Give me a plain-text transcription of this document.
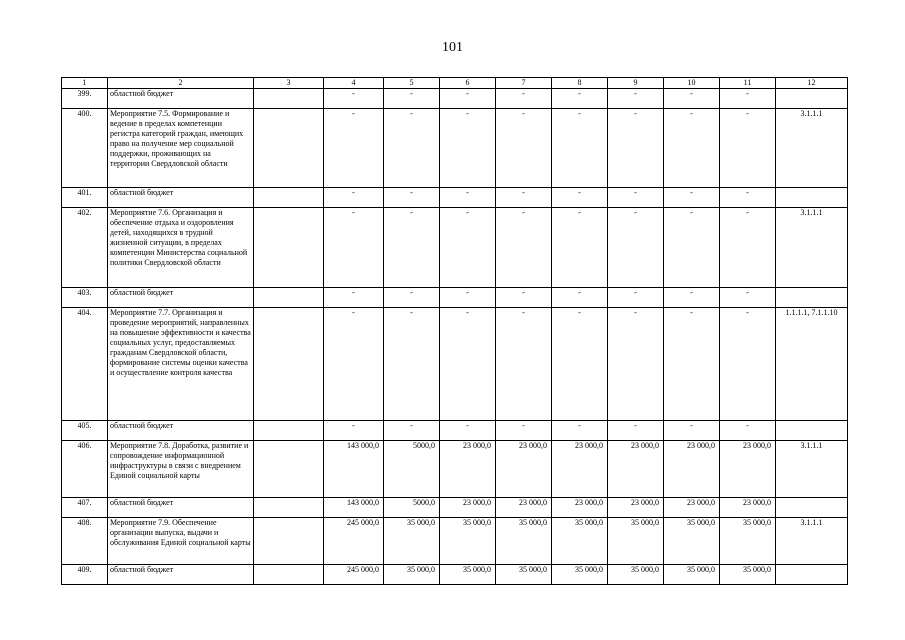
101
1	2	3	4	5	6	7	8	9	10	11	12
399.	областной бюджет		-	-	-	-	-	-	-	-	
400.	Мероприятие 7.5. Формирование и ведение в пределах компетенции регистра категорий граждан, имеющих право на получение мер социальной поддержки, проживающих на территории Свердловской области		-	-	-	-	-	-	-	-	3.1.1.1
401.	областной бюджет		-	-	-	-	-	-	-	-	
402.	Мероприятие 7.6. Организация и обеспечение отдыха и оздоровления детей, находящихся в трудной жизненной ситуации, в пределах компетенции Министерства социальной политики Свердловской области		-	-	-	-	-	-	-	-	3.1.1.1
403.	областной бюджет		-	-	-	-	-	-	-	-	
404.	Мероприятие 7.7. Организация и проведение мероприятий, направленных на повышение эффективности и качества социальных услуг, предоставляемых гражданам Свердловской области, формирование системы оценки качества и осуществление контроля качества		-	-	-	-	-	-	-	-	1.1.1.1, 7.1.1.10
405.	областной бюджет		-	-	-	-	-	-	-	-	
406.	Мероприятие 7.8. Доработка, развитие и сопровождение информационной инфраструктуры в связи с внедрением Единой социальной карты		143 000,0	5000,0	23 000,0	23 000,0	23 000,0	23 000,0	23 000,0	23 000,0	3.1.1.1
407.	областной бюджет		143 000,0	5000,0	23 000,0	23 000,0	23 000,0	23 000,0	23 000,0	23 000,0	
408.	Мероприятие 7.9. Обеспечение организации выпуска, выдачи и обслуживания Единой социальной карты		245 000,0	35 000,0	35 000,0	35 000,0	35 000,0	35 000,0	35 000,0	35 000,0	3.1.1.1
409.	областной бюджет		245 000,0	35 000,0	35 000,0	35 000,0	35 000,0	35 000,0	35 000,0	35 000,0	
